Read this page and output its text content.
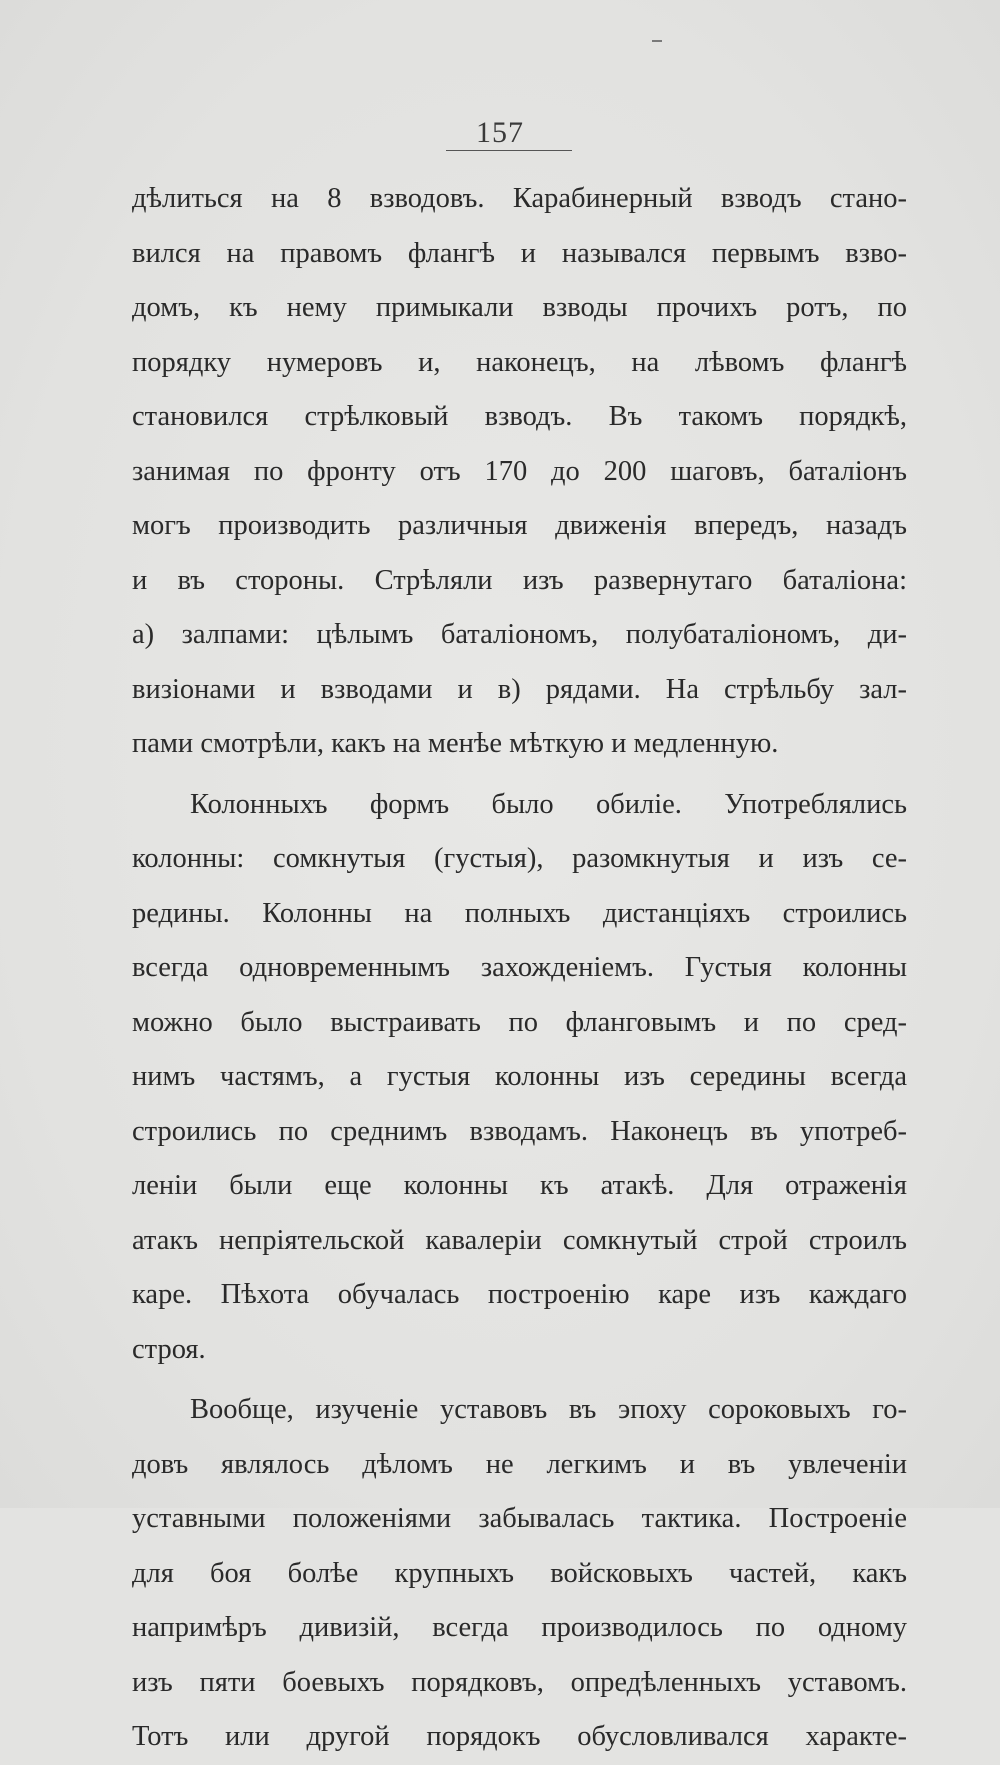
157
дѣлиться на 8 взводовъ. Карабинерный взводъ стано-
вился на правомъ флангѣ и назывался первымъ взво-
домъ, къ нему примыкали взводы прочихъ ротъ, по
порядку нумеровъ и, наконецъ, на лѣвомъ флангѣ
становился стрѣлковый взводъ. Въ такомъ порядкѣ,
занимая по фронту отъ 170 до 200 шаговъ, баталіонъ
могъ производить различныя движенія впередъ, назадъ
и въ стороны. Стрѣляли изъ развернутаго баталіона:
а) залпами: цѣлымъ баталіономъ, полубаталіономъ, ди-
визіонами и взводами и в) рядами. На стрѣльбу зал-
пами смотрѣли, какъ на менѣе мѣткую и медленную.
Колонныхъ формъ было обиліе. Употреблялись
колонны: сомкнутыя (густыя), разомкнутыя и изъ се-
редины. Колонны на полныхъ дистанціяхъ строились
всегда одновременнымъ захожденіемъ. Густыя колонны
можно было выстраивать по фланговымъ и по сред-
нимъ частямъ, а густыя колонны изъ середины всегда
строились по среднимъ взводамъ. Наконецъ въ употреб-
леніи были еще колонны къ атакѣ. Для отраженія
атакъ непріятельской кавалеріи сомкнутый строй строилъ
каре. Пѣхота обучалась построенію каре изъ каждаго
строя.
Вообще, изученіе уставовъ въ эпоху сороковыхъ го-
довъ являлось дѣломъ не легкимъ и въ увлеченіи
уставными положеніями забывалась тактика. Построеніе
для боя болѣе крупныхъ войсковыхъ частей, какъ
напримѣръ дивизій, всегда производилось по одному
изъ пяти боевыхъ порядковъ, опредѣленныхъ уставомъ.
Тотъ или другой порядокъ обусловливался характе-
